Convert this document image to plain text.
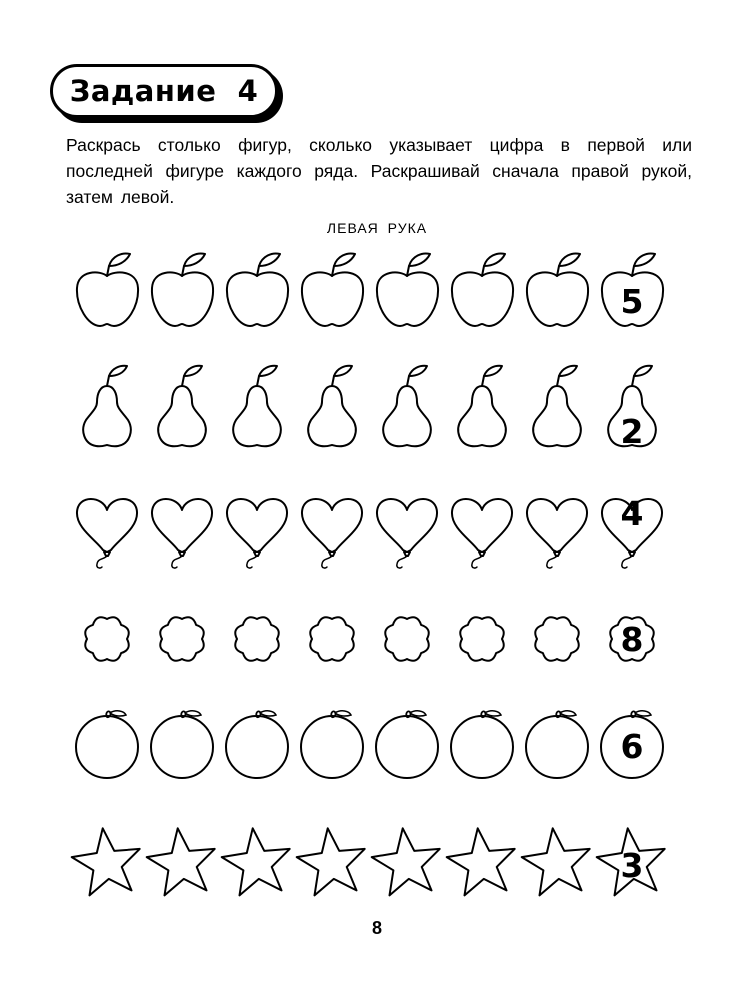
Задание  4
Раскрась столько фигур, сколько указывает цифра в первой или последней фигуре каждого ряда. Раскрашивай сначала правой рукой, затем левой.
ЛЕВАЯ РУКА
5
2
4
8
6
3
8
